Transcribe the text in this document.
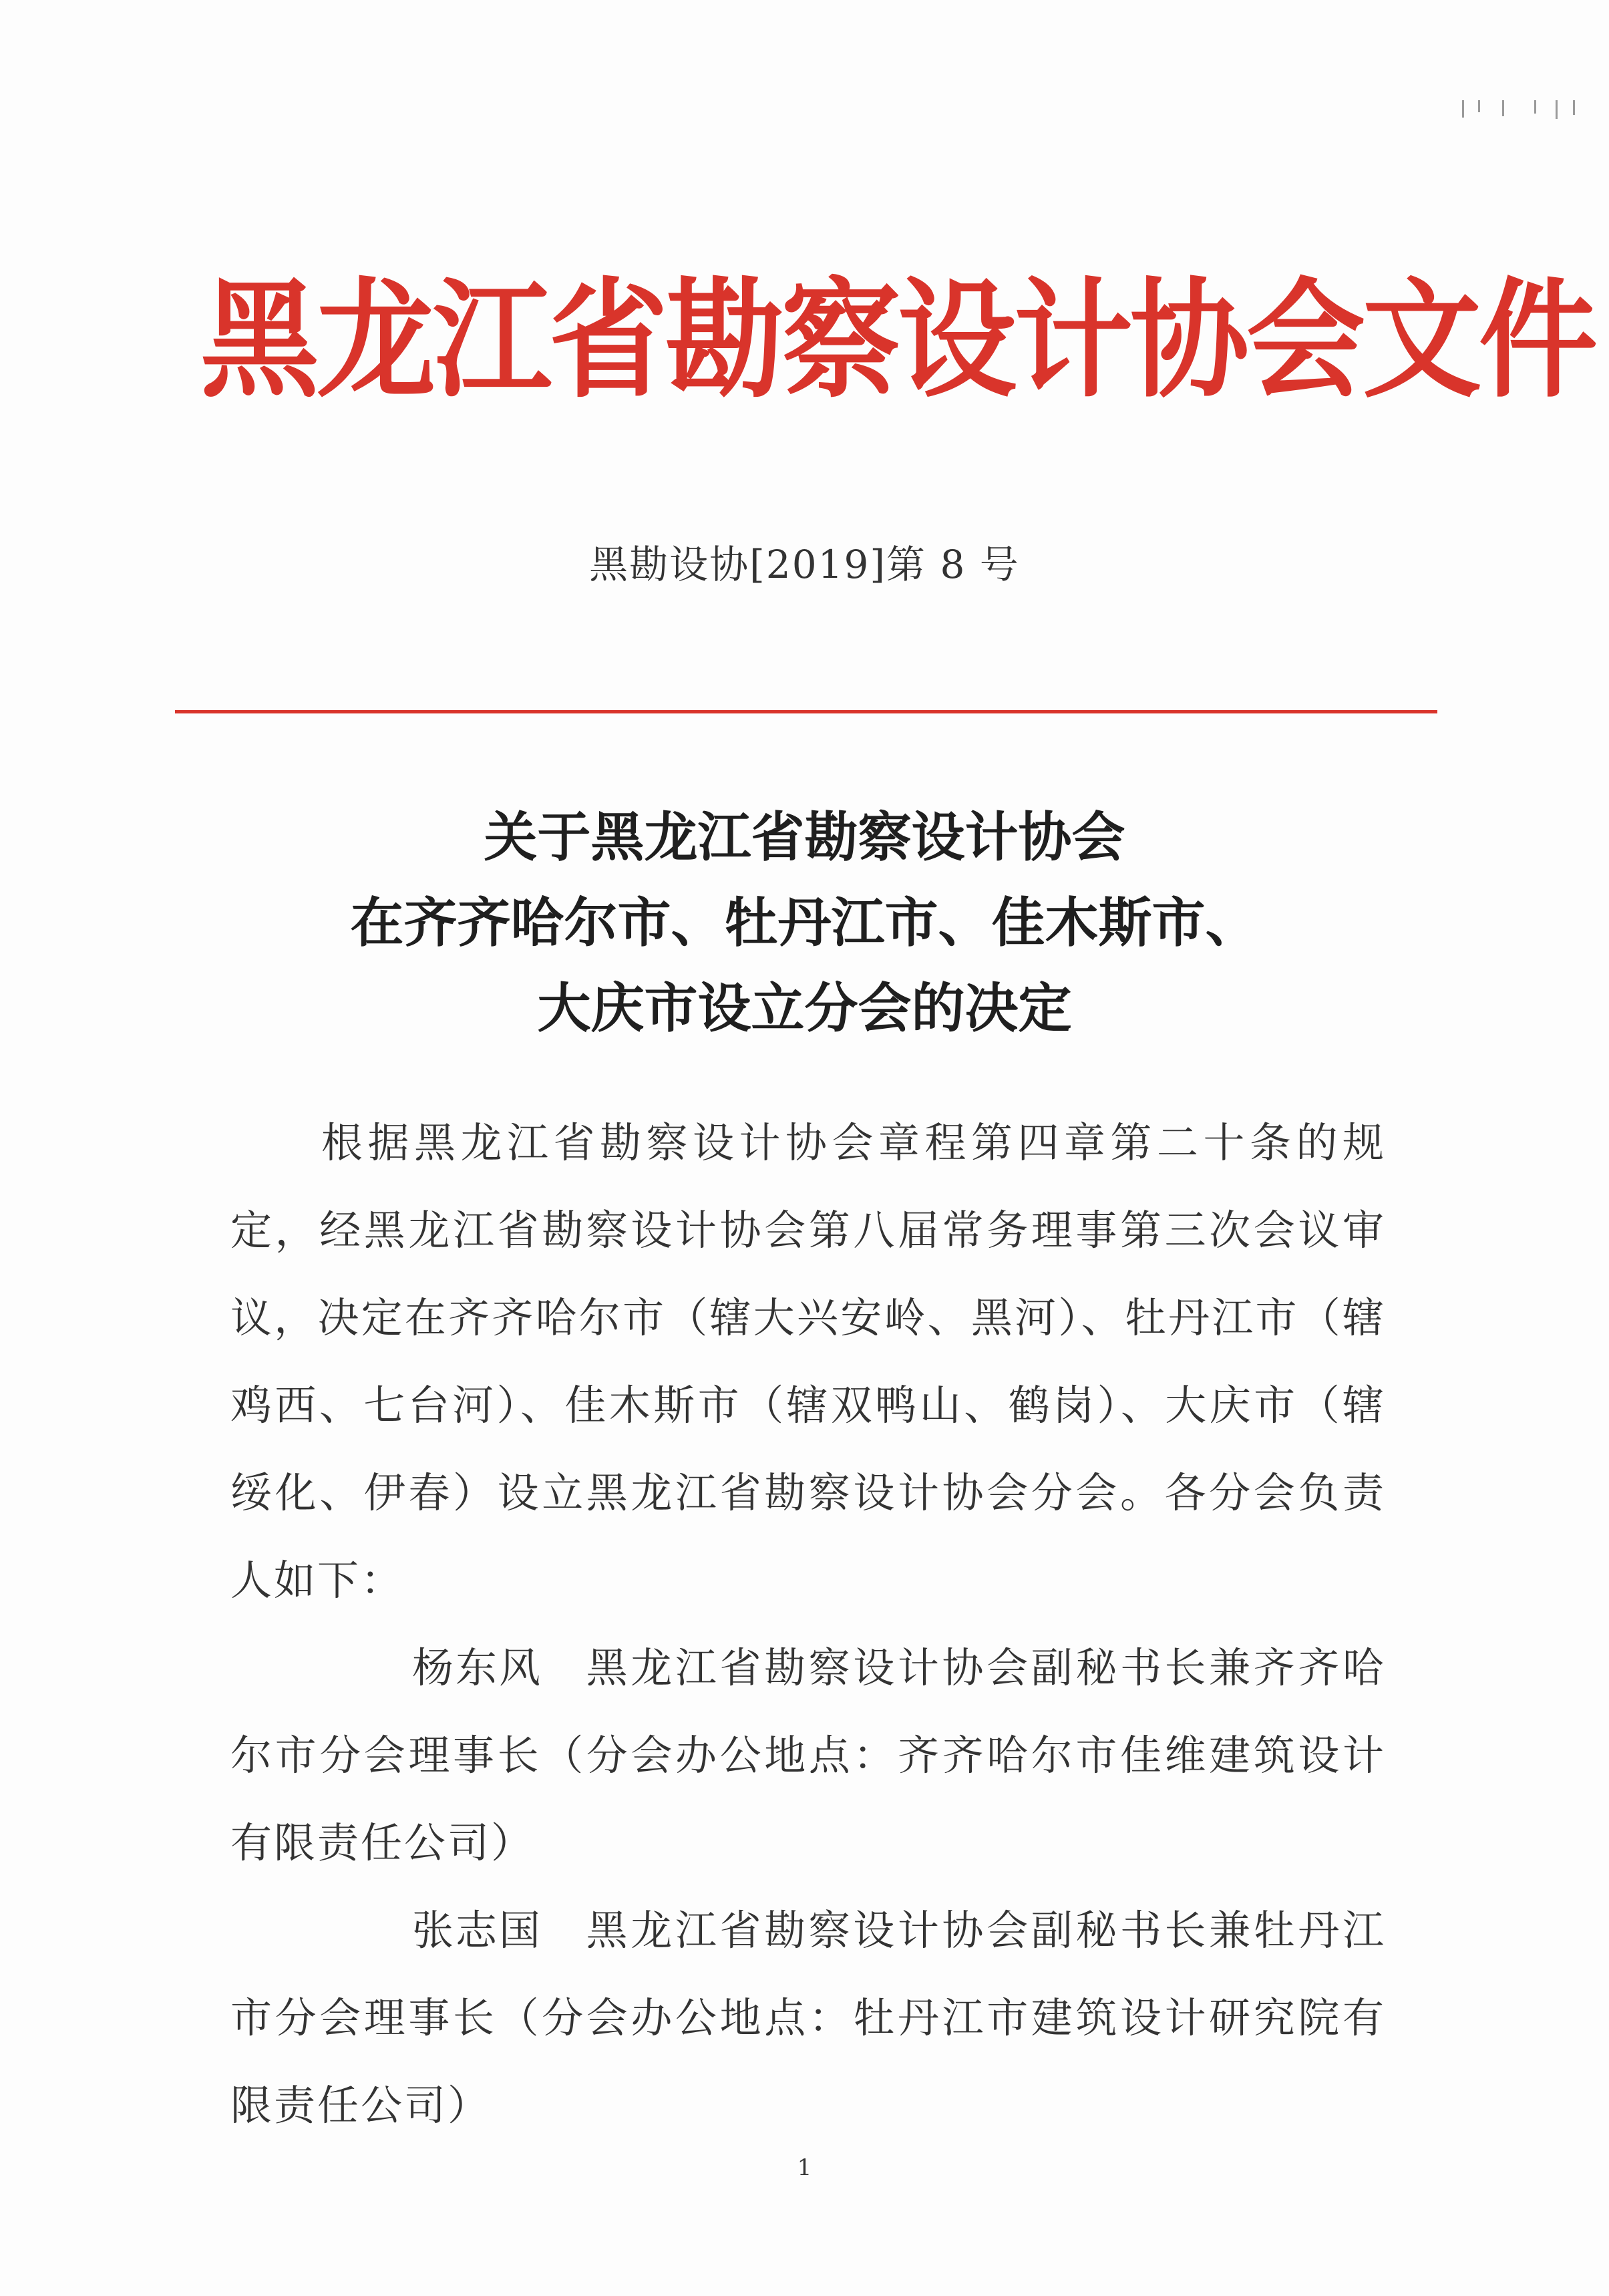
黑龙江省勘察设计协会文件
黑勘设协[2019]第 8 号
关于黑龙江省勘察设计协会
在齐齐哈尔市、牡丹江市、佳木斯市、
大庆市设立分会的决定

根据黑龙江省勘察设计协会章程第四章第二十条的规定，经黑龙江省勘察设计协会第八届常务理事第三次会议审议，决定在齐齐哈尔市（辖大兴安岭、黑河）、牡丹江市（辖鸡西、七台河）、佳木斯市（辖双鸭山、鹤岗）、大庆市（辖绥化、伊春）设立黑龙江省勘察设计协会分会。各分会负责人如下：

杨东风 黑龙江省勘察设计协会副秘书长兼齐齐哈尔市分会理事长（分会办公地点：齐齐哈尔市佳维建筑设计有限责任公司）

张志国 黑龙江省勘察设计协会副秘书长兼牡丹江市分会理事长（分会办公地点：牡丹江市建筑设计研究院有限责任公司）

1
